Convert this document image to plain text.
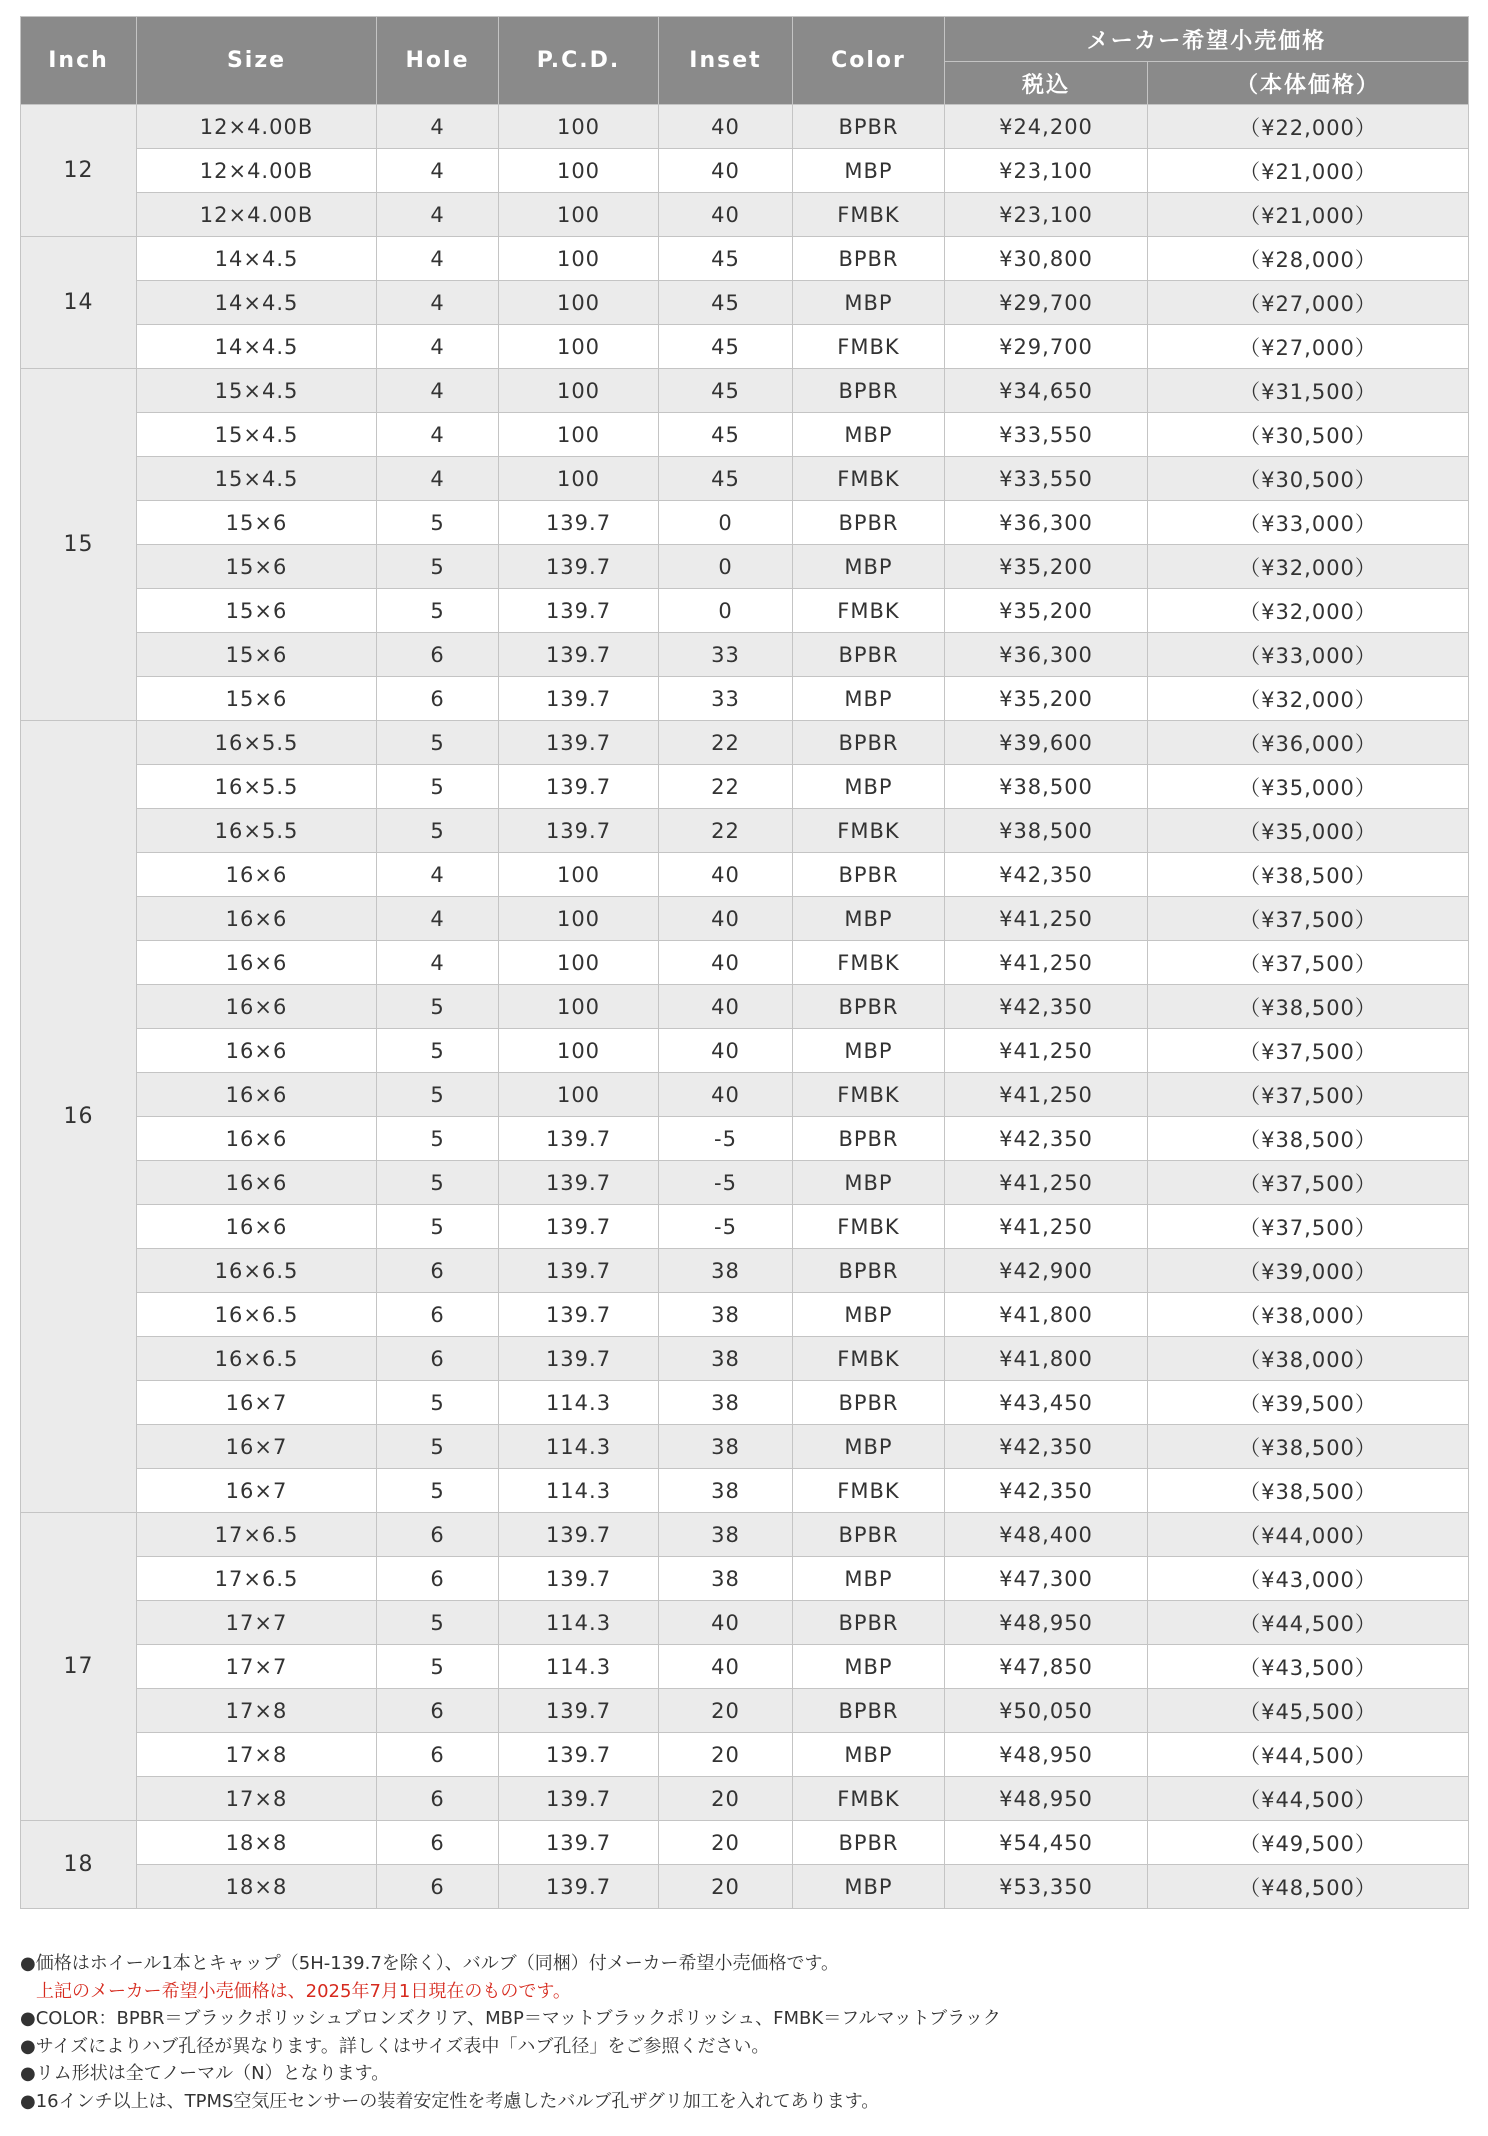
Inch	Size	Hole	P.C.D.	Inset	Color	メーカー希望小売価格	
						税込	（本体価格）
12	12×4.00B	4	100	40	BPBR	¥24,200	（¥22,000）
	12×4.00B	4	100	40	MBP	¥23,100	（¥21,000）
	12×4.00B	4	100	40	FMBK	¥23,100	（¥21,000）
14	14×4.5	4	100	45	BPBR	¥30,800	（¥28,000）
	14×4.5	4	100	45	MBP	¥29,700	（¥27,000）
	14×4.5	4	100	45	FMBK	¥29,700	（¥27,000）
15	15×4.5	4	100	45	BPBR	¥34,650	（¥31,500）
	15×4.5	4	100	45	MBP	¥33,550	（¥30,500）
	15×4.5	4	100	45	FMBK	¥33,550	（¥30,500）
	15×6	5	139.7	0	BPBR	¥36,300	（¥33,000）
	15×6	5	139.7	0	MBP	¥35,200	（¥32,000）
	15×6	5	139.7	0	FMBK	¥35,200	（¥32,000）
	15×6	6	139.7	33	BPBR	¥36,300	（¥33,000）
	15×6	6	139.7	33	MBP	¥35,200	（¥32,000）
16	16×5.5	5	139.7	22	BPBR	¥39,600	（¥36,000）
	16×5.5	5	139.7	22	MBP	¥38,500	（¥35,000）
	16×5.5	5	139.7	22	FMBK	¥38,500	（¥35,000）
	16×6	4	100	40	BPBR	¥42,350	（¥38,500）
	16×6	4	100	40	MBP	¥41,250	（¥37,500）
	16×6	4	100	40	FMBK	¥41,250	（¥37,500）
	16×6	5	100	40	BPBR	¥42,350	（¥38,500）
	16×6	5	100	40	MBP	¥41,250	（¥37,500）
	16×6	5	100	40	FMBK	¥41,250	（¥37,500）
	16×6	5	139.7	-5	BPBR	¥42,350	（¥38,500）
	16×6	5	139.7	-5	MBP	¥41,250	（¥37,500）
	16×6	5	139.7	-5	FMBK	¥41,250	（¥37,500）
	16×6.5	6	139.7	38	BPBR	¥42,900	（¥39,000）
	16×6.5	6	139.7	38	MBP	¥41,800	（¥38,000）
	16×6.5	6	139.7	38	FMBK	¥41,800	（¥38,000）
	16×7	5	114.3	38	BPBR	¥43,450	（¥39,500）
	16×7	5	114.3	38	MBP	¥42,350	（¥38,500）
	16×7	5	114.3	38	FMBK	¥42,350	（¥38,500）
17	17×6.5	6	139.7	38	BPBR	¥48,400	（¥44,000）
	17×6.5	6	139.7	38	MBP	¥47,300	（¥43,000）
	17×7	5	114.3	40	BPBR	¥48,950	（¥44,500）
	17×7	5	114.3	40	MBP	¥47,850	（¥43,500）
	17×8	6	139.7	20	BPBR	¥50,050	（¥45,500）
	17×8	6	139.7	20	MBP	¥48,950	（¥44,500）
	17×8	6	139.7	20	FMBK	¥48,950	（¥44,500）
18	18×8	6	139.7	20	BPBR	¥54,450	（¥49,500）
	18×8	6	139.7	20	MBP	¥53,350	（¥48,500）

●価格はホイール1本とキャップ（5H-139.7を除く）、バルブ（同梱）付メーカー希望小売価格です。

上記のメーカー希望小売価格は、2025年7月1日現在のものです。

●COLOR：BPBR＝ブラックポリッシュブロンズクリア、MBP＝マットブラックポリッシュ、FMBK＝フルマットブラック

●サイズによりハブ孔径が異なります。詳しくはサイズ表中「ハブ孔径」をご参照ください。

●リム形状は全てノーマル（N）となります。

●16インチ以上は、TPMS空気圧センサーの装着安定性を考慮したバルブ孔ザグリ加工を入れてあります。
